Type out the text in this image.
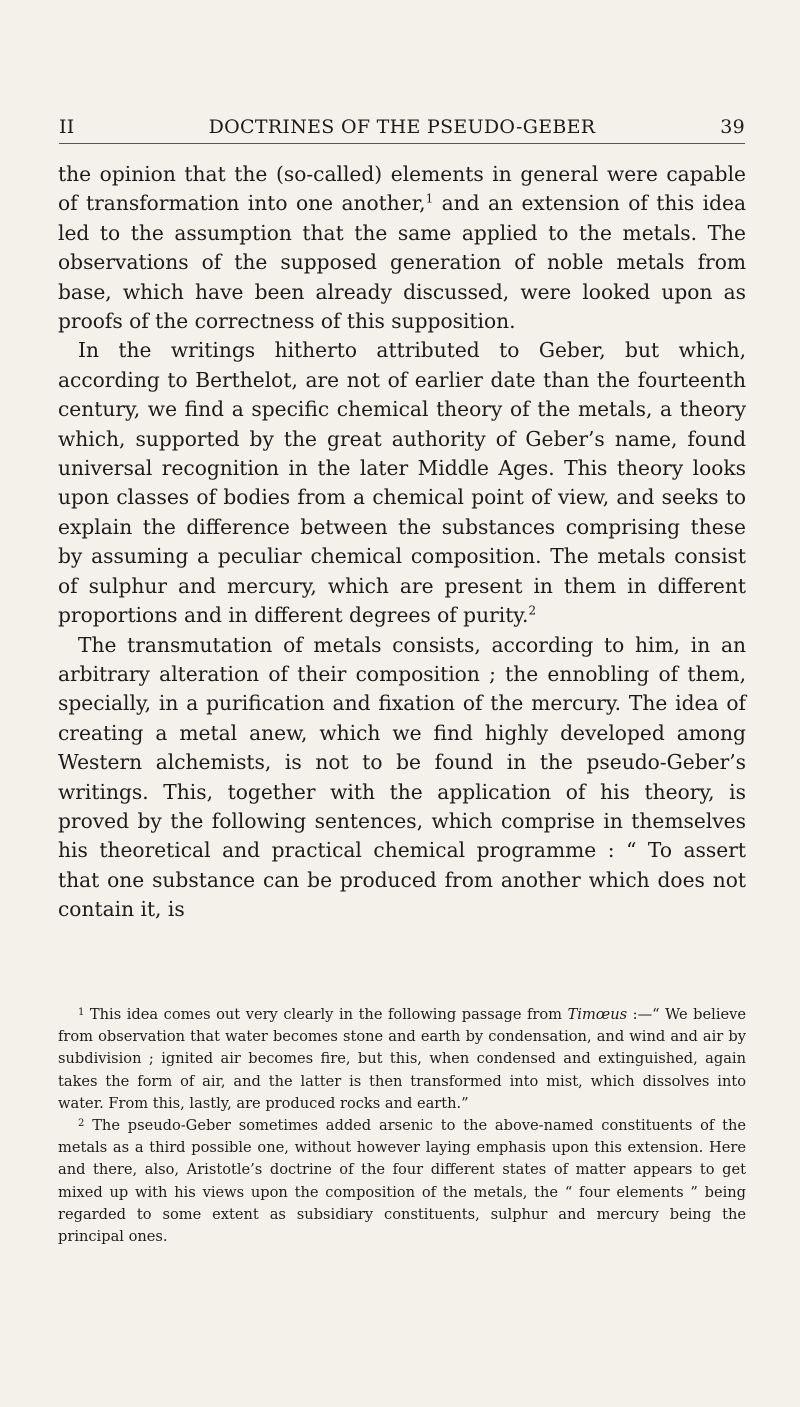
II	DOCTRINES OF THE PSEUDO-GEBER	39

the opinion that the (so-called) elements in general were capable of transformation into one another,$^1$ and an extension of this idea led to the assumption that the same applied to the metals. The observations of the supposed generation of noble metals from base, which have been already discussed, were looked upon as proofs of the correctness of this supposition.

In the writings hitherto attributed to Geber, but which, according to Berthelot, are not of earlier date than the fourteenth century, we find a specific chemical theory of the metals, a theory which, supported by the great authority of Geber’s name, found universal recognition in the later Middle Ages. This theory looks upon classes of bodies from a chemical point of view, and seeks to explain the difference between the substances comprising these by assuming a peculiar chemical composition. The metals consist of sulphur and mercury, which are present in them in different proportions and in different degrees of purity.$^2$

The transmutation of metals consists, according to him, in an arbitrary alteration of their composition ; the ennobling of them, specially, in a purification and fixation of the mercury. The idea of creating a metal anew, which we find highly developed among Western alchemists, is not to be found in the pseudo-Geber’s writings. This, together with the application of his theory, is proved by the following sentences, which comprise in themselves his theoretical and practical chemical programme : “ To assert that one substance can be produced from another which does not contain it, is

$^1$ This idea comes out very clearly in the following passage from Timœus :—“ We believe from observation that water becomes stone and earth by condensation, and wind and air by subdivision ; ignited air becomes fire, but this, when condensed and extinguished, again takes the form of air, and the latter is then transformed into mist, which dissolves into water. From this, lastly, are produced rocks and earth.”

$^2$ The pseudo-Geber sometimes added arsenic to the above-named constituents of the metals as a third possible one, without however laying emphasis upon this extension. Here and there, also, Aristotle’s doctrine of the four different states of matter appears to get mixed up with his views upon the composition of the metals, the “ four elements ” being regarded to some extent as subsidiary constituents, sulphur and mercury being the principal ones.
